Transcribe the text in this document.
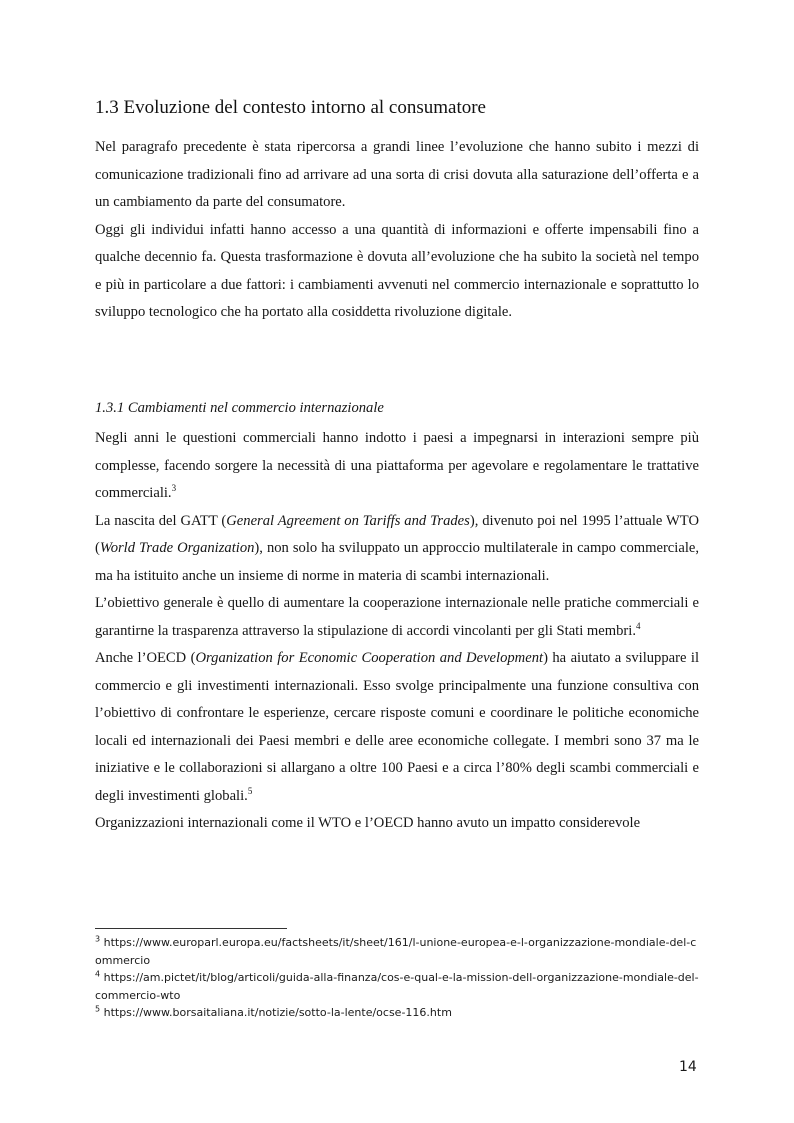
1.3 Evoluzione del contesto intorno al consumatore

Nel paragrafo precedente è stata ripercorsa a grandi linee l’evoluzione che hanno subito i mezzi di comunicazione tradizionali fino ad arrivare ad una sorta di crisi dovuta alla saturazione dell’offerta e a un cambiamento da parte del consumatore.

Oggi gli individui infatti hanno accesso a una quantità di informazioni e offerte impensabili fino a qualche decennio fa. Questa trasformazione è dovuta all’evoluzione che ha subito la società nel tempo e più in particolare a due fattori: i cambiamenti avvenuti nel commercio internazionale e soprattutto lo sviluppo tecnologico che ha portato alla cosiddetta rivoluzione digitale.

1.3.1 Cambiamenti nel commercio internazionale

Negli anni le questioni commerciali hanno indotto i paesi a impegnarsi in interazioni sempre più complesse, facendo sorgere la necessità di una piattaforma per agevolare e regolamentare le trattative commerciali.$^3$

La nascita del GATT (General Agreement on Tariffs and Trades), divenuto poi nel 1995 l’attuale WTO (World Trade Organization), non solo ha sviluppato un approccio multilaterale in campo commerciale, ma ha istituito anche un insieme di norme in materia di scambi internazionali.

L’obiettivo generale è quello di aumentare la cooperazione internazionale nelle pratiche commerciali e garantirne la trasparenza attraverso la stipulazione di accordi vincolanti per gli Stati membri.$^4$

Anche l’OECD (Organization for Economic Cooperation and Development) ha aiutato a sviluppare il commercio e gli investimenti internazionali. Esso svolge principalmente una funzione consultiva con l’obiettivo di confrontare le esperienze, cercare risposte comuni e coordinare le politiche economiche locali ed internazionali dei Paesi membri e delle aree economiche collegate. I membri sono 37 ma le iniziative e le collaborazioni si allargano a oltre 100 Paesi e a circa l’80% degli scambi commerciali e degli investimenti globali.$^5$

Organizzazioni internazionali come il WTO e l’OECD hanno avuto un impatto considerevole

$^3$ https://www.europarl.europa.eu/factsheets/it/sheet/161/l-unione-europea-e-l-organizzazione-mondiale-del-commercio

$^4$ https://am.pictet/it/blog/articoli/guida-alla-finanza/cos-e-qual-e-la-mission-dell-organizzazione-mondiale-del-commercio-wto

$^5$ https://www.borsaitaliana.it/notizie/sotto-la-lente/ocse-116.htm

14
